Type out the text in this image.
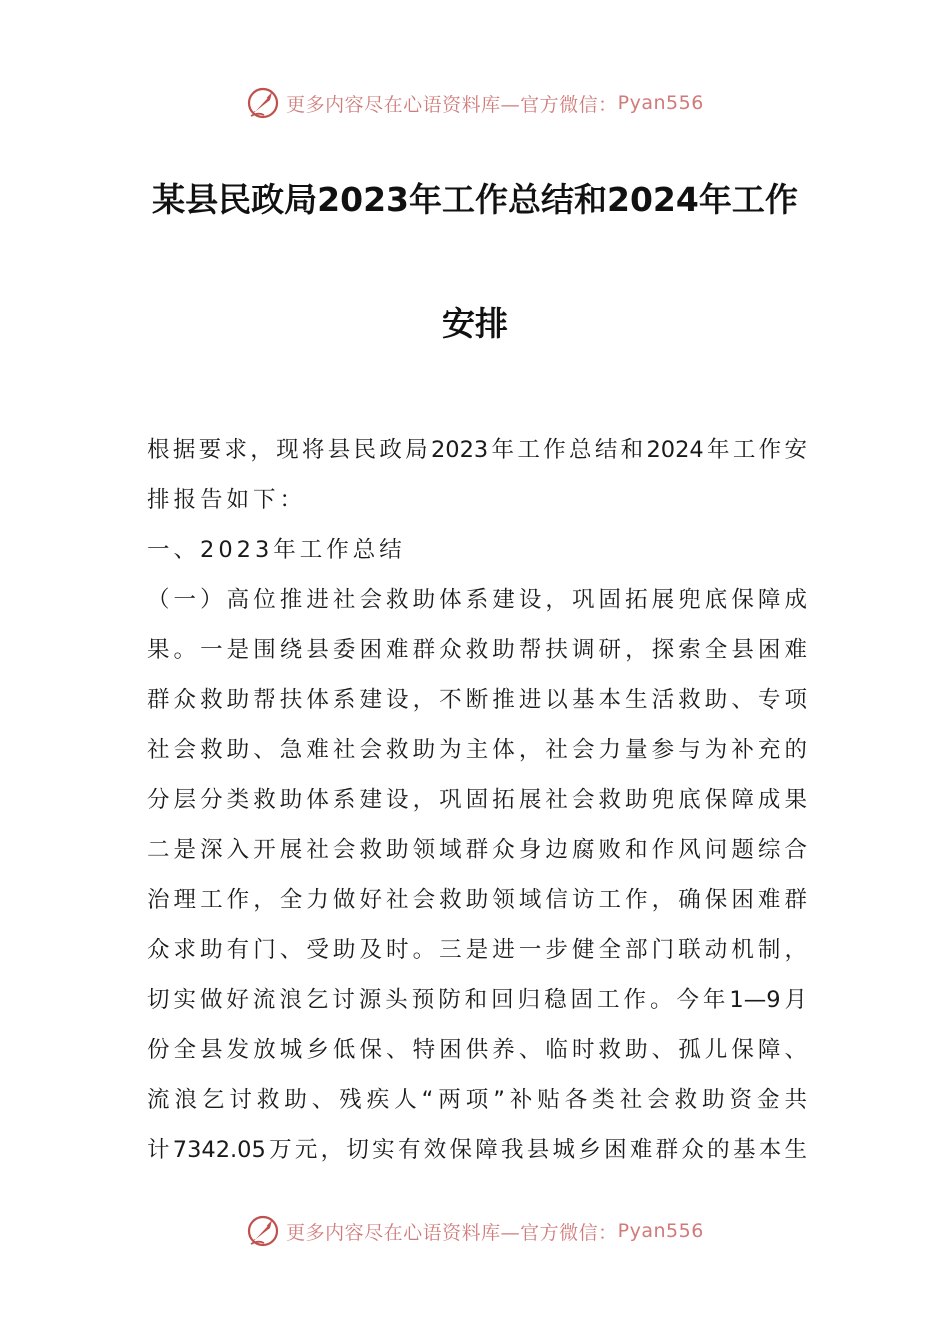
更多内容尽在心语资料库—官方微信： Pyan556
某县民政局2023年工作总结和2024年工作
安排
根据要求，现将县民政局2023年工作总结和2024年工作安
排报告如下：
一、2023年工作总结
（一）高位推进社会救助体系建设，巩固拓展兜底保障成
果。一是围绕县委困难群众救助帮扶调研，探索全县困难
群众救助帮扶体系建设，不断推进以基本生活救助、专项
社会救助、急难社会救助为主体，社会力量参与为补充的
分层分类救助体系建设，巩固拓展社会救助兜底保障成果
二是深入开展社会救助领域群众身边腐败和作风问题综合
治理工作，全力做好社会救助领域信访工作，确保困难群
众求助有门、受助及时。三是进一步健全部门联动机制，
切实做好流浪乞讨源头预防和回归稳固工作。今年1—9月
份全县发放城乡低保、特困供养、临时救助、孤儿保障、
流浪乞讨救助、残疾人“两项”补贴各类社会救助资金共
计7342.05万元，切实有效保障我县城乡困难群众的基本生
更多内容尽在心语资料库—官方微信： Pyan556
